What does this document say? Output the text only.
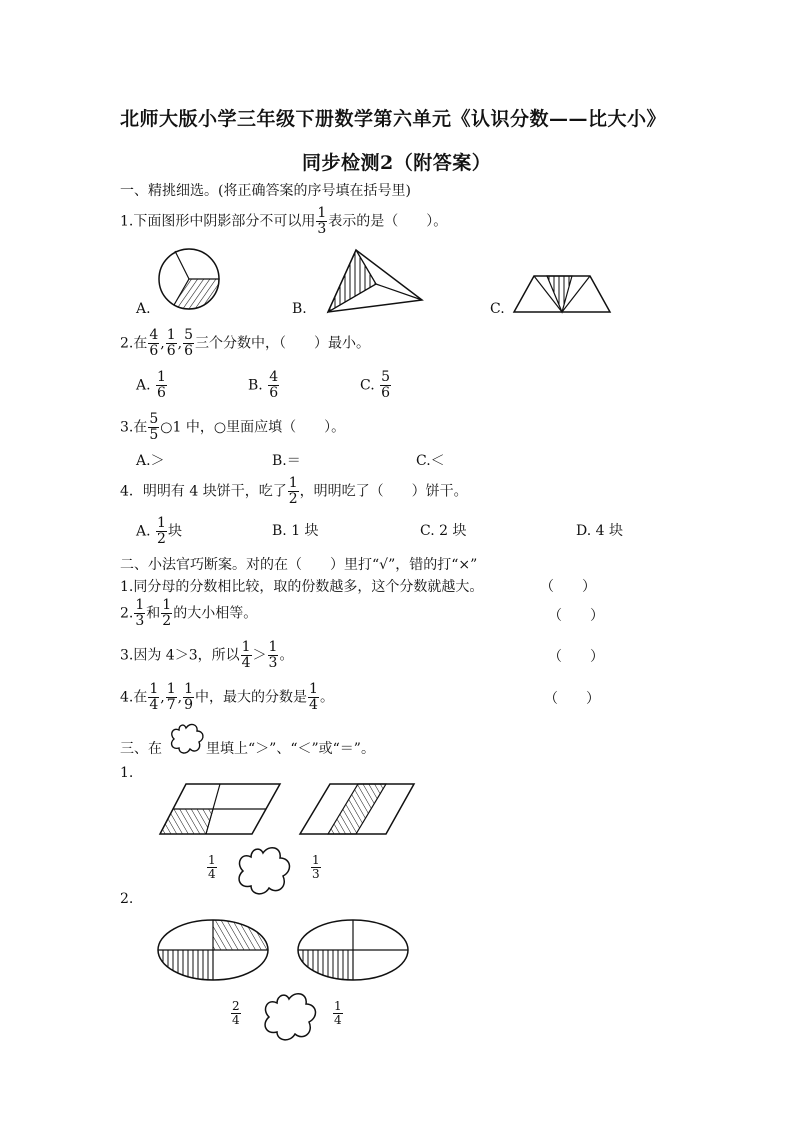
北师大版小学三年级下册数学第六单元《认识分数——比大小》
同步检测2（附答案）
一、精挑细选。(将正确答案的序号填在括号里)
1.下面图形中阴影部分不可以用 $\frac{1}{3}$ 表示的是（　　）。
A.	B.	C.
2.在 $\frac{4}{6}$ , $\frac{1}{6}$ , $\frac{5}{6}$ 三个分数中，（　　）最小。
A. $\frac{1}{6}$	B. $\frac{4}{6}$	C. $\frac{5}{6}$
3.在 $\frac{5}{5}$ ○1 中，○里面应填（　　）。
A.＞	B.＝	C.＜
4．明明有 4 块饼干，吃了 $\frac{1}{2}$ ，明明吃了（　　）饼干。
A. $\frac{1}{2}$ 块	B. 1 块	C. 2 块	D. 4 块
二、小法官巧断案。对的在（　　）里打“√”，错的打“×”
1.同分母的分数相比较，取的份数越多，这个分数就越大。	（　　）
2. $\frac{1}{3}$ 和 $\frac{1}{2}$ 的大小相等。	（　　）
3.因为 4＞3，所以 $\frac{1}{4} > \frac{1}{3}$ 。	（　　）
4.在 $\frac{1}{4}$ , $\frac{1}{7}$ , $\frac{1}{9}$ 中，最大的分数是 $\frac{1}{4}$ 。	（　　）
三、在	里填上“＞”、“＜”或“＝”。
1.
$\frac{1}{4}$	$\frac{1}{3}$
2.
$\frac{2}{4}$	$\frac{1}{4}$
